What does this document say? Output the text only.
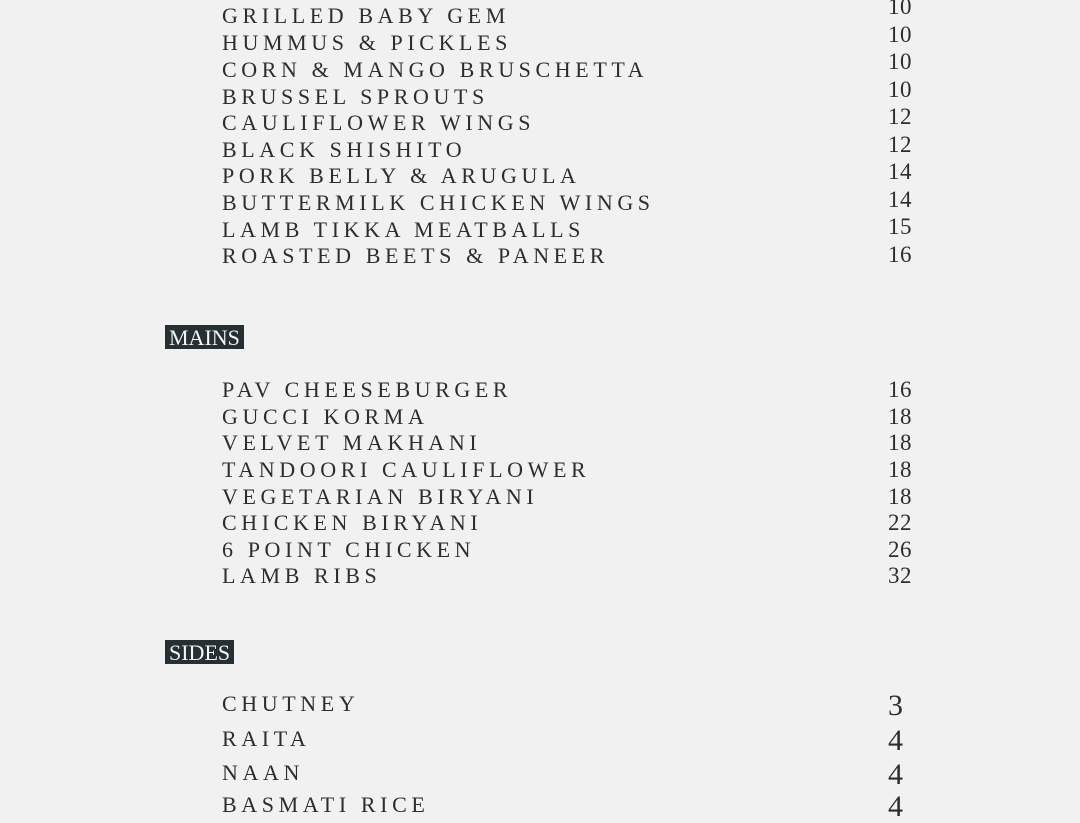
GRILLED BABY GEM	10
HUMMUS & PICKLES	10
CORN & MANGO BRUSCHETTA	10
BRUSSEL SPROUTS	10
CAULIFLOWER WINGS	12
BLACK SHISHITO	12
PORK BELLY & ARUGULA	14
BUTTERMILK CHICKEN WINGS	14
LAMB TIKKA MEATBALLS	15
ROASTED BEETS & PANEER	16
MAINS
PAV CHEESEBURGER	16
GUCCI KORMA	18
VELVET MAKHANI	18
TANDOORI CAULIFLOWER	18
VEGETARIAN BIRYANI	18
CHICKEN BIRYANI	22
6 POINT CHICKEN	26
LAMB RIBS	32
SIDES
CHUTNEY	3
RAITA	4
NAAN	4
BASMATI RICE	4
